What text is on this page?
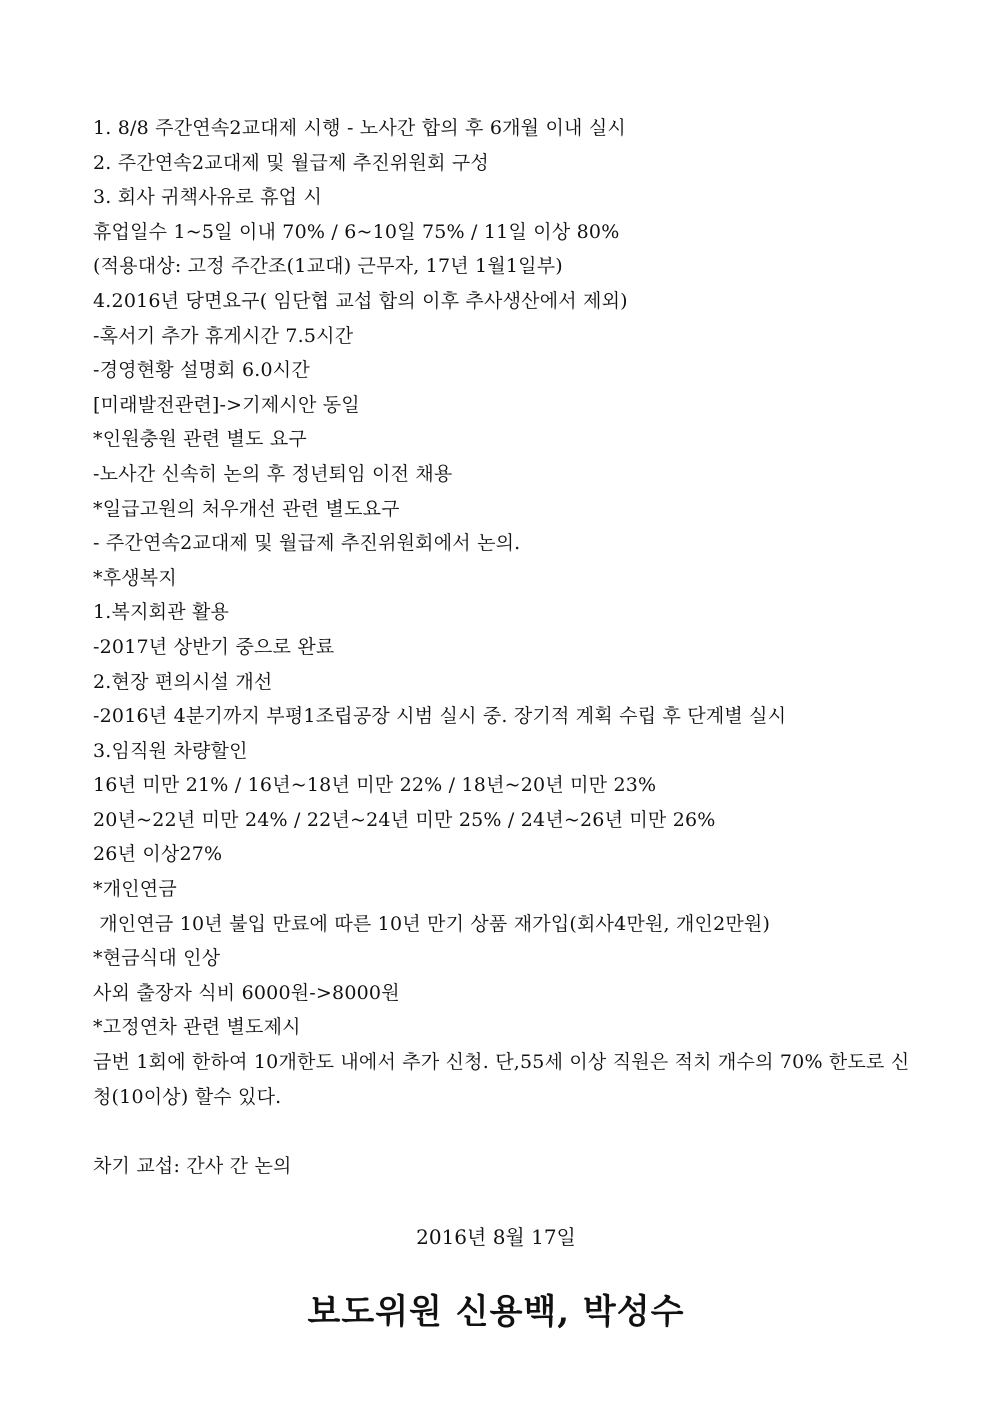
1. 8/8 주간연속2교대제 시행 - 노사간 합의 후 6개월 이내 실시
2. 주간연속2교대제 및 월급제 추진위원회 구성
3. 회사 귀책사유로 휴업 시
휴업일수 1~5일 이내 70% / 6~10일 75% / 11일 이상 80%
(적용대상: 고정 주간조(1교대) 근무자, 17년 1월1일부)
4.2016년 당면요구( 임단협 교섭 합의 이후 추사생산에서 제외)
-혹서기 추가 휴게시간 7.5시간
-경영현황 설명회 6.0시간
[미래발전관련]->기제시안 동일
*인원충원 관련 별도 요구
-노사간 신속히 논의 후 정년퇴임 이전 채용
*일급고원의 처우개선 관련 별도요구
- 주간연속2교대제 및 월급제 추진위원회에서 논의.
*후생복지
1.복지회관 활용
-2017년 상반기 중으로 완료
2.현장 편의시설 개선
-2016년 4분기까지 부평1조립공장 시범 실시 중. 장기적 계획 수립 후 단계별 실시
3.임직원 차량할인
16년 미만 21% / 16년~18년 미만 22% / 18년~20년 미만 23%
20년~22년 미만 24% / 22년~24년 미만 25% / 24년~26년 미만 26%
26년 이상27%
*개인연금
개인연금 10년 불입 만료에 따른 10년 만기 상품 재가입(회사4만원, 개인2만원)
*현금식대 인상
사외 출장자 식비 6000원->8000원
*고정연차 관련 별도제시
금번 1회에 한하여 10개한도 내에서 추가 신청. 단,55세 이상 직원은 적치 개수의 70% 한도로 신청(10이상) 할수 있다.
차기 교섭: 간사 간 논의
2016년 8월 17일
보도위원 신용백, 박성수
